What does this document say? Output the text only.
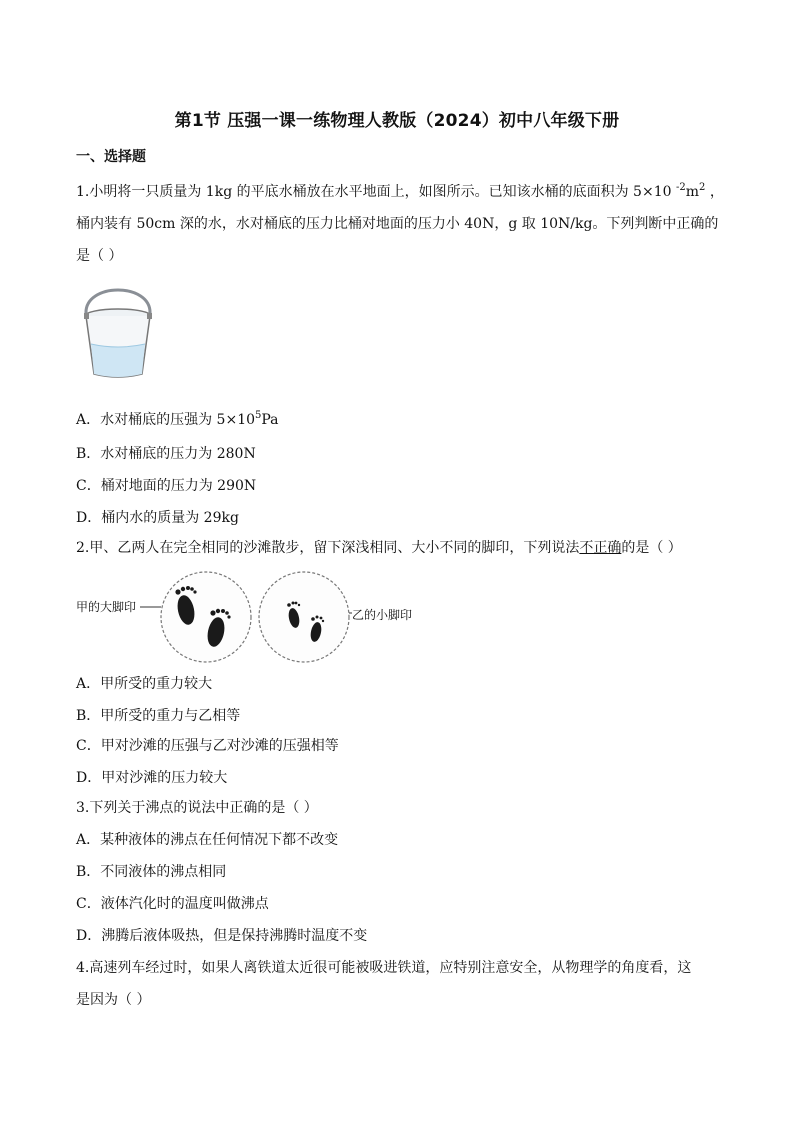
第1节 压强一课一练物理人教版（2024）初中八年级下册
一、选择题
1.小明将一只质量为 1kg 的平底水桶放在水平地面上，如图所示。已知该水桶的底面积为 5×10 $^{-2}m^2$ ，
桶内装有 50cm 深的水，水对桶底的压力比桶对地面的压力小 40N，g 取 10N/kg。下列判断中正确的
是（ ）
A．水对桶底的压强为 $5\times 10^5Pa$
B．水对桶底的压力为 280N
C．桶对地面的压力为 290N
D．桶内水的质量为 29kg
2.甲、乙两人在完全相同的沙滩散步，留下深浅相同、大小不同的脚印，下列说法不正确的是（ ）
甲的大脚印
乙的小脚印
A．甲所受的重力较大
B．甲所受的重力与乙相等
C．甲对沙滩的压强与乙对沙滩的压强相等
D．甲对沙滩的压力较大
3.下列关于沸点的说法中正确的是（ ）
A．某种液体的沸点在任何情况下都不改变
B．不同液体的沸点相同
C．液体汽化时的温度叫做沸点
D．沸腾后液体吸热，但是保持沸腾时温度不变
4.高速列车经过时，如果人离铁道太近很可能被吸进铁道，应特别注意安全，从物理学的角度看，这
是因为（ ）
